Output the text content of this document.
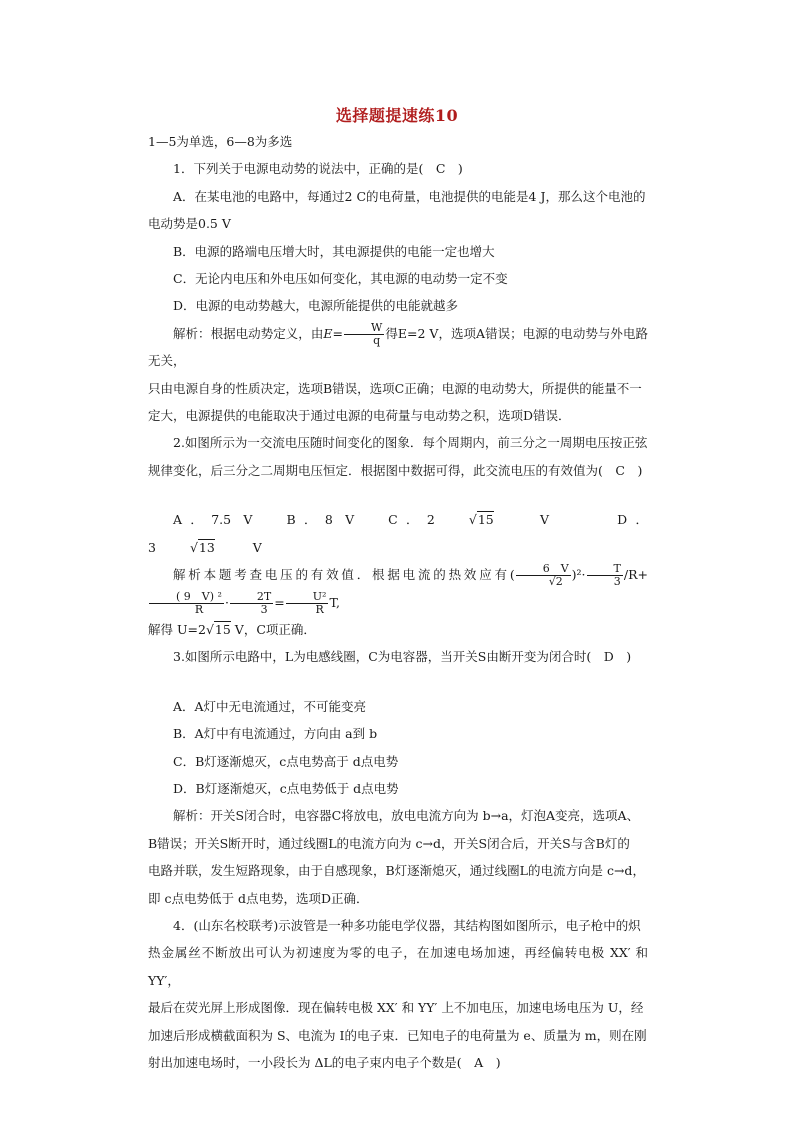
选择题提速练10

1—5为单选，6—8为多选

1．下列关于电源电动势的说法中，正确的是(　C　)

A．在某电池的电路中，每通过2 C的电荷量，电池提供的电能是4 J，那么这个电池的

电动势是0.5 V

B．电源的路端电压增大时，其电源提供的电能一定也增大

C．无论内电压和外电压如何变化，其电源的电动势一定不变

D．电源的电动势越大，电源所能提供的电能就越多

解析：根据电动势定义，由$E= \frac{W}{q}$ 得E=2 V，选项A错误；电源的电动势与外电路无关，

只由电源自身的性质决定，选项B错误，选项C正确；电源的电动势大，所提供的能量不一

定大，电源提供的电能取决于通过电源的电荷量与电动势之积，选项D错误．

2.如图所示为一交流电压随时间变化的图象．每个周期内，前三分之一周期电压按正弦

规律变化，后三分之二周期电压恒定．根据图中数据可得，此交流电压的有效值为(　C　)

A．7.5 V	B．8 V	C．2	√15	V	D．3	√13	V

解析本题考查电压的有效值．根据电流的热效应有( $\frac{6 V}{√2} )^2\cdot \frac{T}{3} /R+$
$\frac{\text{( 9　V) ²}}{R} \cdot \frac{2T}{3} = \frac{\text{U²}}{R} T$,

解得 U=2√15 V，C项正确．

3.如图所示电路中，L为电感线圈，C为电容器，当开关S由断开变为闭合时(　D　)

A．A灯中无电流通过，不可能变亮

B．A灯中有电流通过，方向由 a到 b

C．B灯逐渐熄灭，c点电势高于 d点电势

D．B灯逐渐熄灭，c点电势低于 d点电势

解析：开关S闭合时，电容器C将放电，放电电流方向为 b→a，灯泡A变亮，选项A、

B错误；开关S断开时，通过线圈L的电流方向为 c→d，开关S闭合后，开关S与含B灯的

电路并联，发生短路现象，由于自感现象，B灯逐渐熄灭，通过线圈L的电流方向是 c→d，

即 c点电势低于 d点电势，选项D正确．

4．(山东名校联考)示波管是一种多功能电学仪器，其结构图如图所示，电子枪中的炽

热金属丝不断放出可认为初速度为零的电子，在加速电场加速，再经偏转电极 XX′ 和 YY′，

最后在荧光屏上形成图像．现在偏转电极 XX′ 和 YY′ 上不加电压，加速电场电压为 U，经

加速后形成横截面积为 S、电流为 I的电子束．已知电子的电荷量为 e、质量为 m，则在刚

射出加速电场时，一小段长为 ΔL的电子束内电子个数是(　A　)
